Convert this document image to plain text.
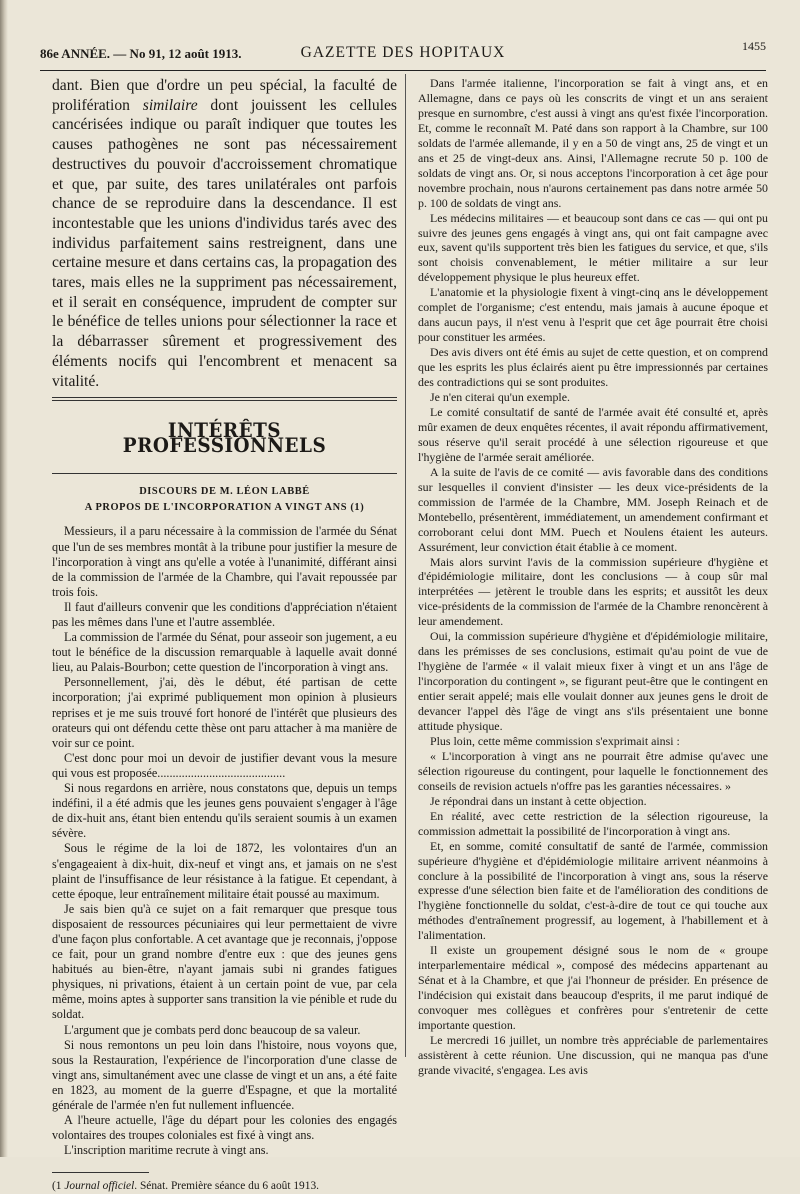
86e ANNÉE. — No 91, 12 août 1913.	GAZETTE DES HOPITAUX	1455

dant. Bien que d'ordre un peu spécial, la faculté de prolifération similaire dont jouissent les cellules cancérisées indique ou paraît indiquer que toutes les causes pathogènes ne sont pas nécessairement destructives du pouvoir d'accroissement chromatique et que, par suite, des tares unilatérales ont parfois chance de se reproduire dans la descendance. Il est incontestable que les unions d'individus tarés avec des individus parfaitement sains restreignent, dans une certaine mesure et dans certains cas, la propagation des tares, mais elles ne la suppriment pas nécessairement, et il serait en conséquence, imprudent de compter sur le bénéfice de telles unions pour sélectionner la race et la débarrasser sûrement et progressivement des éléments nocifs qui l'encombrent et menacent sa vitalité.

INTÉRÊTS PROFESSIONNELS
DISCOURS DE M. LÉON LABBÉ
A PROPOS DE L'INCORPORATION A VINGT ANS (1)

Messieurs, il a paru nécessaire à la commission de l'armée du Sénat que l'un de ses membres montât à la tribune pour justifier la mesure de l'incorporation à vingt ans qu'elle a votée à l'unanimité, différant ainsi de la commission de l'armée de la Chambre, qui l'avait repoussée par trois fois.

Il faut d'ailleurs convenir que les conditions d'appréciation n'étaient pas les mêmes dans l'une et l'autre assemblée.

La commission de l'armée du Sénat, pour asseoir son jugement, a eu tout le bénéfice de la discussion remarquable à laquelle avait donné lieu, au Palais-Bourbon; cette question de l'incorporation à vingt ans.

Personnellement, j'ai, dès le début, été partisan de cette incorporation; j'ai exprimé publiquement mon opinion à plusieurs reprises et je me suis trouvé fort honoré de l'intérêt que plusieurs des orateurs qui ont défendu cette thèse ont paru attacher à ma manière de voir sur ce point.

C'est donc pour moi un devoir de justifier devant vous la mesure qui vous est proposée..........................................

Si nous regardons en arrière, nous constatons que, depuis un temps indéfini, il a été admis que les jeunes gens pouvaient s'engager à l'âge de dix-huit ans, étant bien entendu qu'ils seraient soumis à un examen sévère.

Sous le régime de la loi de 1872, les volontaires d'un an s'engageaient à dix-huit, dix-neuf et vingt ans, et jamais on ne s'est plaint de l'insuffisance de leur résistance à la fatigue. Et cependant, à cette époque, leur entraînement militaire était poussé au maximum.

Je sais bien qu'à ce sujet on a fait remarquer que presque tous disposaient de ressources pécuniaires qui leur permettaient de vivre d'une façon plus confortable. A cet avantage que je reconnais, j'oppose ce fait, pour un grand nombre d'entre eux : que des jeunes gens habitués au bien-être, n'ayant jamais subi ni grandes fatigues physiques, ni privations, étaient à un certain point de vue, par cela même, moins aptes à supporter sans transition la vie pénible et rude du soldat.

L'argument que je combats perd donc beaucoup de sa valeur.

Si nous remontons un peu loin dans l'histoire, nous voyons que, sous la Restauration, l'expérience de l'incorporation d'une classe de vingt ans, simultanément avec une classe de vingt et un ans, a été faite en 1823, au moment de la guerre d'Espagne, et que la mortalité générale de l'armée n'en fut nullement influencée.

A l'heure actuelle, l'âge du départ pour les colonies des engagés volontaires des troupes coloniales est fixé à vingt ans.

L'inscription maritime recrute à vingt ans.

(1 Journal officiel. Sénat. Première séance du 6 août 1913.

Dans l'armée italienne, l'incorporation se fait à vingt ans, et en Allemagne, dans ce pays où les conscrits de vingt et un ans seraient presque en surnombre, c'est aussi à vingt ans qu'est fixée l'incorporation. Et, comme le reconnaît M. Paté dans son rapport à la Chambre, sur 100 soldats de l'armée allemande, il y en a 50 de vingt ans, 25 de vingt et un ans et 25 de vingt-deux ans. Ainsi, l'Allemagne recrute 50 p. 100 de soldats de vingt ans. Or, si nous acceptons l'incorporation à cet âge pour novembre prochain, nous n'aurons certainement pas dans notre armée 50 p. 100 de soldats de vingt ans.

Les médecins militaires — et beaucoup sont dans ce cas — qui ont pu suivre des jeunes gens engagés à vingt ans, qui ont fait campagne avec eux, savent qu'ils supportent très bien les fatigues du service, et que, s'ils sont choisis convenablement, le métier militaire a sur leur développement physique le plus heureux effet.

L'anatomie et la physiologie fixent à vingt-cinq ans le développement complet de l'organisme; c'est entendu, mais jamais à aucune époque et dans aucun pays, il n'est venu à l'esprit que cet âge pourrait être choisi pour constituer les armées.

Des avis divers ont été émis au sujet de cette question, et on comprend que les esprits les plus éclairés aient pu être impressionnés par certaines des contradictions qui se sont produites.

Je n'en citerai qu'un exemple.

Le comité consultatif de santé de l'armée avait été consulté et, après mûr examen de deux enquêtes récentes, il avait répondu affirmativement, sous réserve qu'il serait procédé à une sélection rigoureuse et que l'hygiène de l'armée serait améliorée.

A la suite de l'avis de ce comité — avis favorable dans des conditions sur lesquelles il convient d'insister — les deux vice-présidents de la commission de l'armée de la Chambre, MM. Joseph Reinach et de Montebello, présentèrent, immédiatement, un amendement confirmant et corroborant celui dont MM. Puech et Noulens étaient les auteurs. Assurément, leur conviction était établie à ce moment.

Mais alors survint l'avis de la commission supérieure d'hygiène et d'épidémiologie militaire, dont les conclusions — à coup sûr mal interprétées — jetèrent le trouble dans les esprits; et aussitôt les deux vice-présidents de la commission de l'armée de la Chambre renoncèrent à leur amendement.

Oui, la commission supérieure d'hygiène et d'épidémiologie militaire, dans les prémisses de ses conclusions, estimait qu'au point de vue de l'hygiène de l'armée « il valait mieux fixer à vingt et un ans l'âge de l'incorporation du contingent », se figurant peut-être que le contingent en entier serait appelé; mais elle voulait donner aux jeunes gens le droit de devancer l'appel dès l'âge de vingt ans s'ils présentaient une bonne attitude physique.

Plus loin, cette même commission s'exprimait ainsi :

« L'incorporation à vingt ans ne pourrait être admise qu'avec une sélection rigoureuse du contingent, pour laquelle le fonctionnement des conseils de revision actuels n'offre pas les garanties nécessaires. »

Je répondrai dans un instant à cette objection.

En réalité, avec cette restriction de la sélection rigoureuse, la commission admettait la possibilité de l'incorporation à vingt ans.

Et, en somme, comité consultatif de santé de l'armée, commission supérieure d'hygiène et d'épidémiologie militaire arrivent néanmoins à conclure à la possibilité de l'incorporation à vingt ans, sous la réserve expresse d'une sélection bien faite et de l'amélioration des conditions de l'hygiène fonctionnelle du soldat, c'est-à-dire de tout ce qui touche aux méthodes d'entraînement progressif, au logement, à l'habillement et à l'alimentation.

Il existe un groupement désigné sous le nom de « groupe interparlementaire médical », composé des médecins appartenant au Sénat et à la Chambre, et que j'ai l'honneur de présider. En présence de l'indécision qui existait dans beaucoup d'esprits, il me parut indiqué de convoquer mes collègues et confrères pour s'entretenir de cette importante question.

Le mercredi 16 juillet, un nombre très appréciable de parlementaires assistèrent à cette réunion. Une discussion, qui ne manqua pas d'une grande vivacité, s'engagea. Les avis
